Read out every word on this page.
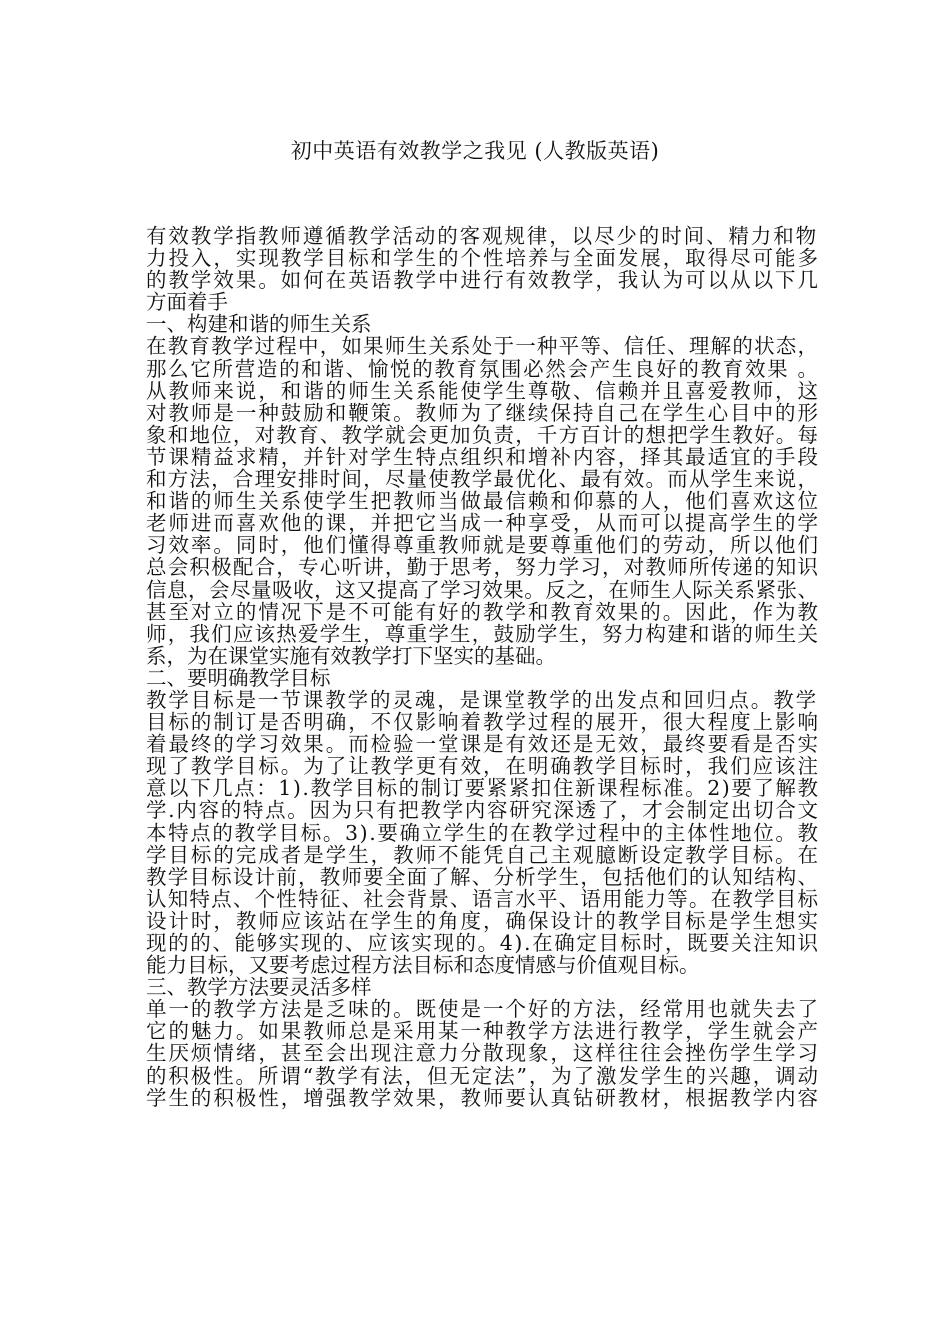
初中英语有效教学之我见 (人教版英语)
有效教学指教师遵循教学活动的客观规律，以尽少的时间、精力和物
力投入，实现教学目标和学生的个性培养与全面发展，取得尽可能多
的教学效果。如何在英语教学中进行有效教学，我认为可以从以下几
方面着手
一、构建和谐的师生关系
在教育教学过程中，如果师生关系处于一种平等、信任、理解的状态，
那么它所营造的和谐、愉悦的教育氛围必然会产生良好的教育效果 。
从教师来说，和谐的师生关系能使学生尊敬、信赖并且喜爱教师，这
对教师是一种鼓励和鞭策。教师为了继续保持自己在学生心目中的形
象和地位，对教育、教学就会更加负责，千方百计的想把学生教好。每
节课精益求精，并针对学生特点组织和增补内容，择其最适宜的手段
和方法，合理安排时间，尽量使教学最优化、最有效。而从学生来说，
和谐的师生关系使学生把教师当做最信赖和仰慕的人，他们喜欢这位
老师进而喜欢他的课，并把它当成一种享受，从而可以提高学生的学
习效率。同时，他们懂得尊重教师就是要尊重他们的劳动，所以他们
总会积极配合，专心听讲，勤于思考，努力学习，对教师所传递的知识
信息，会尽量吸收，这又提高了学习效果。反之，在师生人际关系紧张、
甚至对立的情况下是不可能有好的教学和教育效果的。因此，作为教
师，我们应该热爱学生，尊重学生，鼓励学生，努力构建和谐的师生关
系，为在课堂实施有效教学打下坚实的基础。
二、要明确教学目标
教学目标是一节课教学的灵魂，是课堂教学的出发点和回归点。教学
目标的制订是否明确，不仅影响着教学过程的展开，很大程度上影响
着最终的学习效果。而检验一堂课是有效还是无效，最终要看是否实
现了教学目标。为了让教学更有效，在明确教学目标时，我们应该注
意以下几点：1).教学目标的制订要紧紧扣住新课程标准。2)要了解教
学.内容的特点。因为只有把教学内容研究深透了，才会制定出切合文
本特点的教学目标。3).要确立学生的在教学过程中的主体性地位。教
学目标的完成者是学生，教师不能凭自己主观臆断设定教学目标。在
教学目标设计前，教师要全面了解、分析学生，包括他们的认知结构、
认知特点、个性特征、社会背景、语言水平、语用能力等。在教学目标
设计时，教师应该站在学生的角度，确保设计的教学目标是学生想实
现的的、能够实现的、应该实现的。4).在确定目标时，既要关注知识
能力目标，又要考虑过程方法目标和态度情感与价值观目标。
三、教学方法要灵活多样
单一的教学方法是乏味的。既使是一个好的方法，经常用也就失去了
它的魅力。如果教师总是采用某一种教学方法进行教学，学生就会产
生厌烦情绪，甚至会出现注意力分散现象，这样往往会挫伤学生学习
的积极性。所谓“教学有法，但无定法”，为了激发学生的兴趣，调动
学生的积极性，增强教学效果，教师要认真钻研教材，根据教学内容
